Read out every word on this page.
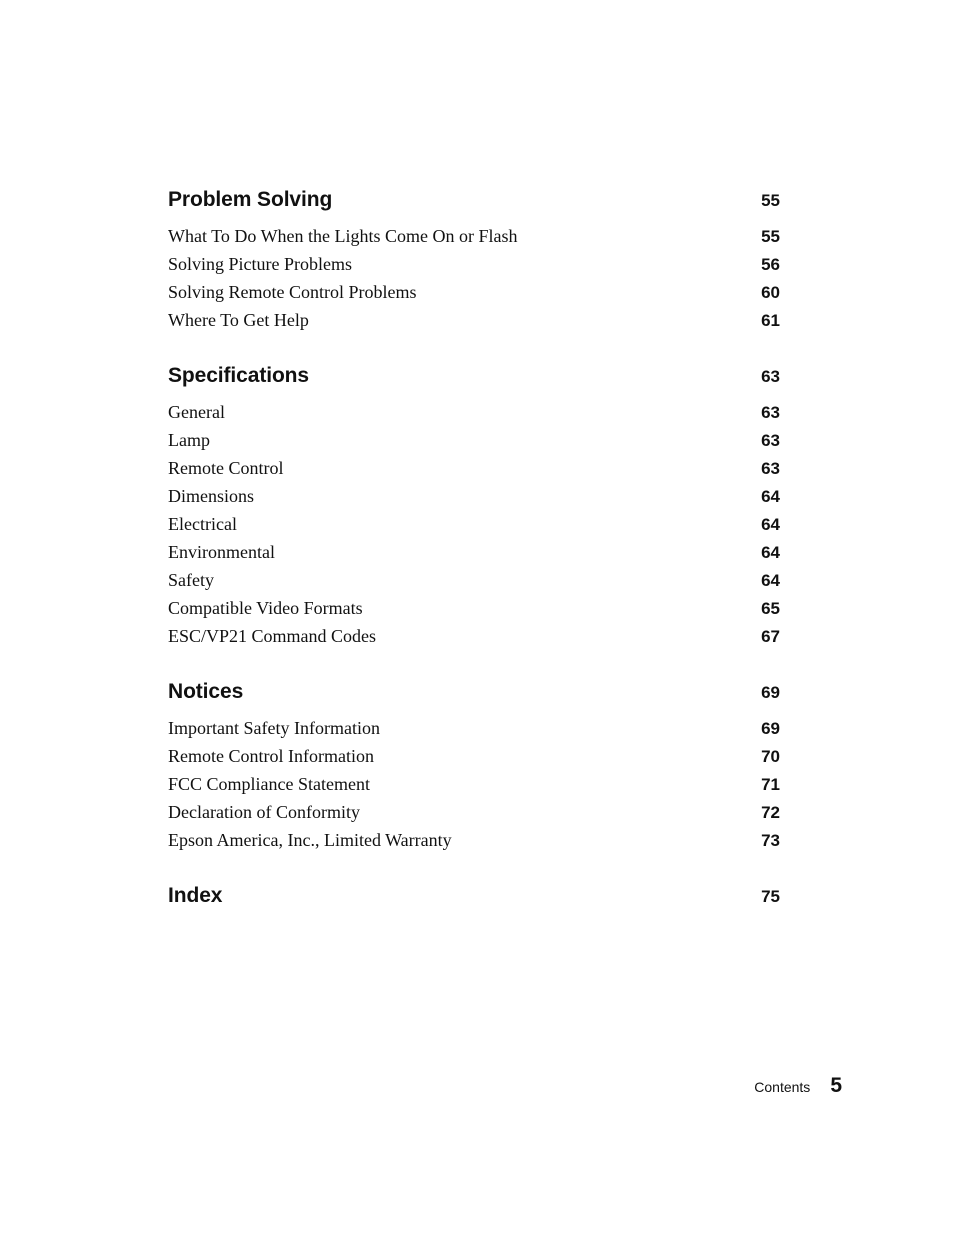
Problem Solving	55
What To Do When the Lights Come On or Flash	55
Solving Picture Problems	56
Solving Remote Control Problems	60
Where To Get Help	61
Specifications	63
General	63
Lamp	63
Remote Control	63
Dimensions	64
Electrical	64
Environmental	64
Safety	64
Compatible Video Formats	65
ESC/VP21 Command Codes	67
Notices	69
Important Safety Information	69
Remote Control Information	70
FCC Compliance Statement	71
Declaration of Conformity	72
Epson America, Inc., Limited Warranty	73
Index	75
Contents 5
